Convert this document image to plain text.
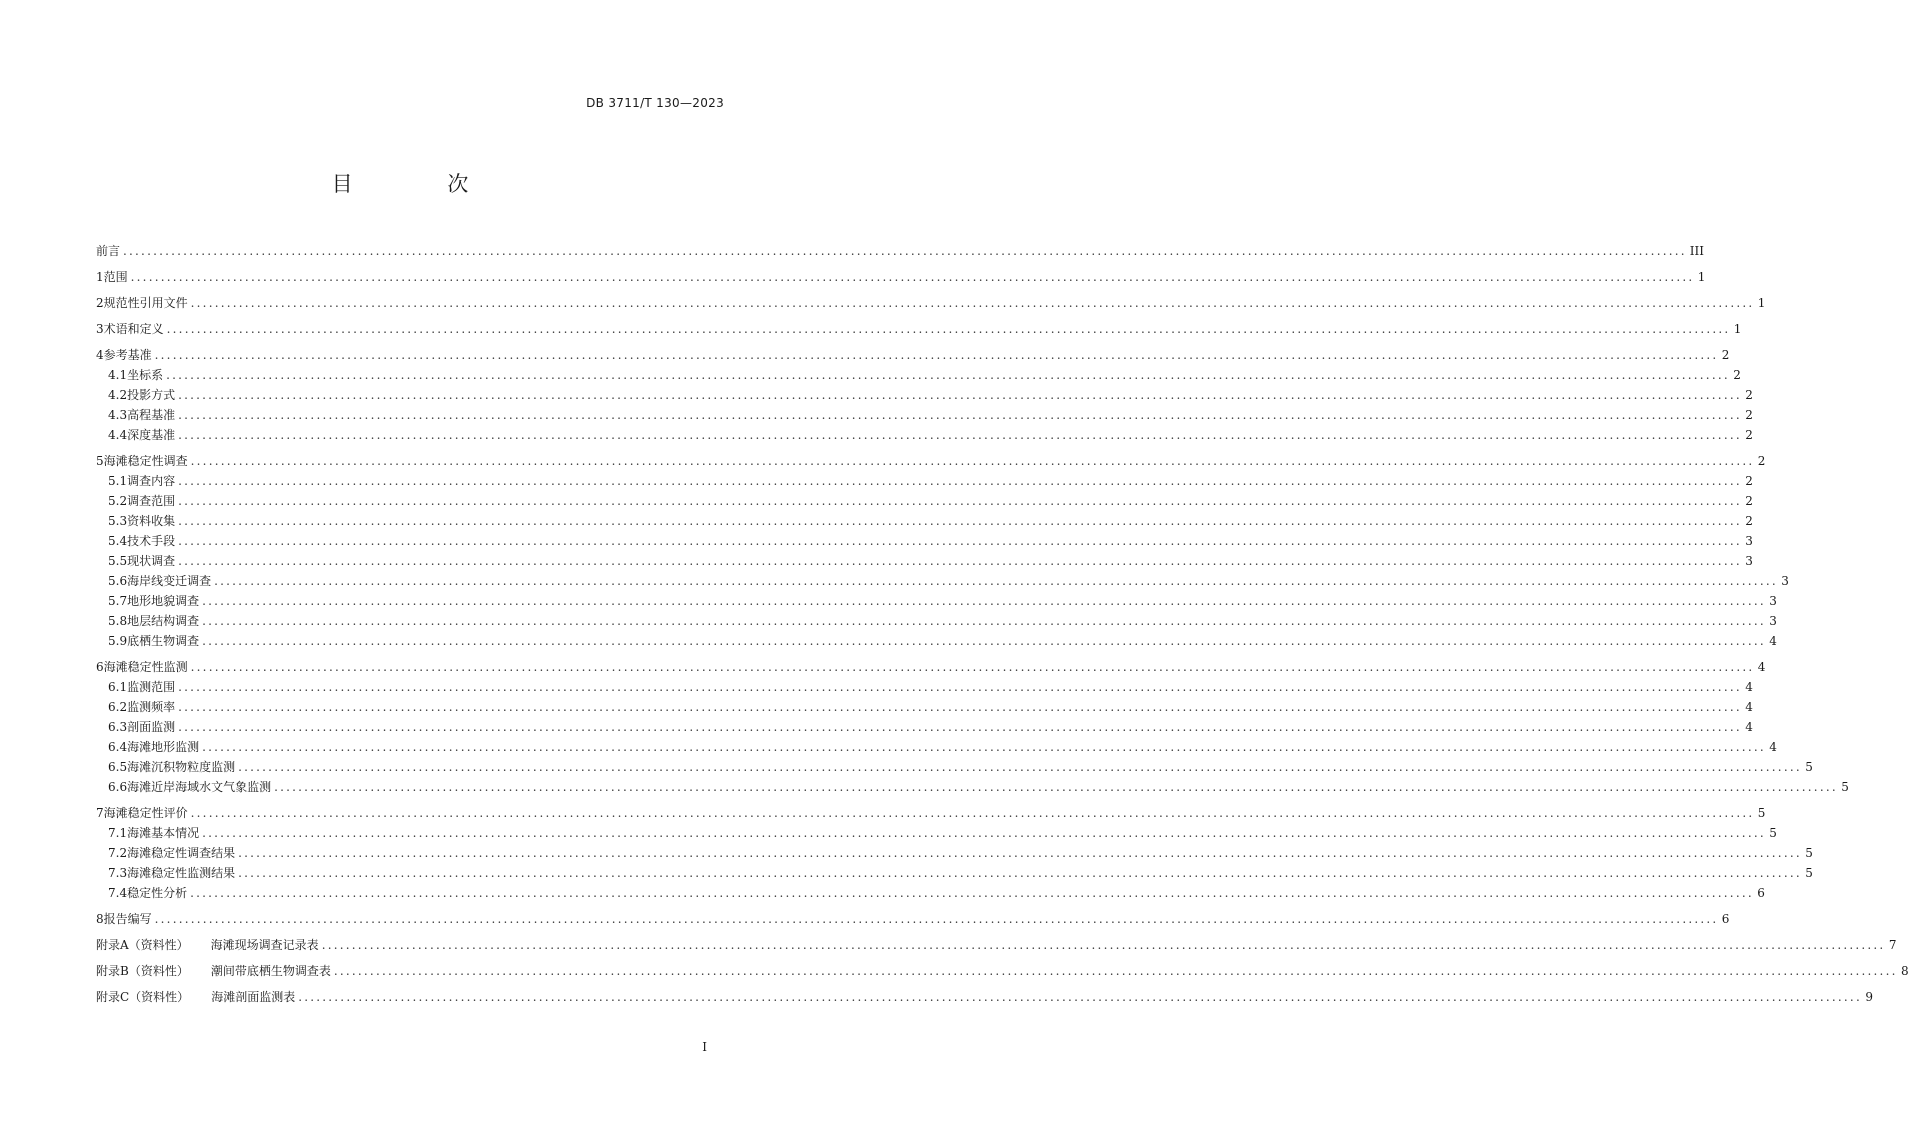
DB 3711/T 130—2023
目 次
前言 .................................................................................................................................................................................................................................................................... III
1 范围 .................................................................................................................................................................................................................................................................... 1
2 规范性引用文件 .................................................................................................................................................................................................................................................................... 1
3 术语和定义 .................................................................................................................................................................................................................................................................... 1
4 参考基准 .................................................................................................................................................................................................................................................................... 2
4.1 坐标系 .................................................................................................................................................................................................................................................................... 2
4.2 投影方式 .................................................................................................................................................................................................................................................................... 2
4.3 高程基准 .................................................................................................................................................................................................................................................................... 2
4.4 深度基准 .................................................................................................................................................................................................................................................................... 2
5 海滩稳定性调查 .................................................................................................................................................................................................................................................................... 2
5.1 调查内容 .................................................................................................................................................................................................................................................................... 2
5.2 调查范围 .................................................................................................................................................................................................................................................................... 2
5.3 资料收集 .................................................................................................................................................................................................................................................................... 2
5.4 技术手段 .................................................................................................................................................................................................................................................................... 3
5.5 现状调查 .................................................................................................................................................................................................................................................................... 3
5.6 海岸线变迁调查 .................................................................................................................................................................................................................................................................... 3
5.7 地形地貌调查 .................................................................................................................................................................................................................................................................... 3
5.8 地层结构调查 .................................................................................................................................................................................................................................................................... 3
5.9 底栖生物调查 .................................................................................................................................................................................................................................................................... 4
6 海滩稳定性监测 .................................................................................................................................................................................................................................................................... 4
6.1 监测范围 .................................................................................................................................................................................................................................................................... 4
6.2 监测频率 .................................................................................................................................................................................................................................................................... 4
6.3 剖面监测 .................................................................................................................................................................................................................................................................... 4
6.4 海滩地形监测 .................................................................................................................................................................................................................................................................... 4
6.5 海滩沉积物粒度监测 .................................................................................................................................................................................................................................................................... 5
6.6 海滩近岸海域水文气象监测 .................................................................................................................................................................................................................................................................... 5
7 海滩稳定性评价 .................................................................................................................................................................................................................................................................... 5
7.1 海滩基本情况 .................................................................................................................................................................................................................................................................... 5
7.2 海滩稳定性调查结果 .................................................................................................................................................................................................................................................................... 5
7.3 海滩稳定性监测结果 .................................................................................................................................................................................................................................................................... 5
7.4 稳定性分析 .................................................................................................................................................................................................................................................................... 6
8 报告编写 .................................................................................................................................................................................................................................................................... 6
附录A（资料性） 海滩现场调查记录表 .................................................................................................................................................................................................................................................................... 7
附录B（资料性） 潮间带底栖生物调查表 .................................................................................................................................................................................................................................................................... 8
附录C（资料性） 海滩剖面监测表 .................................................................................................................................................................................................................................................................... 9
I
